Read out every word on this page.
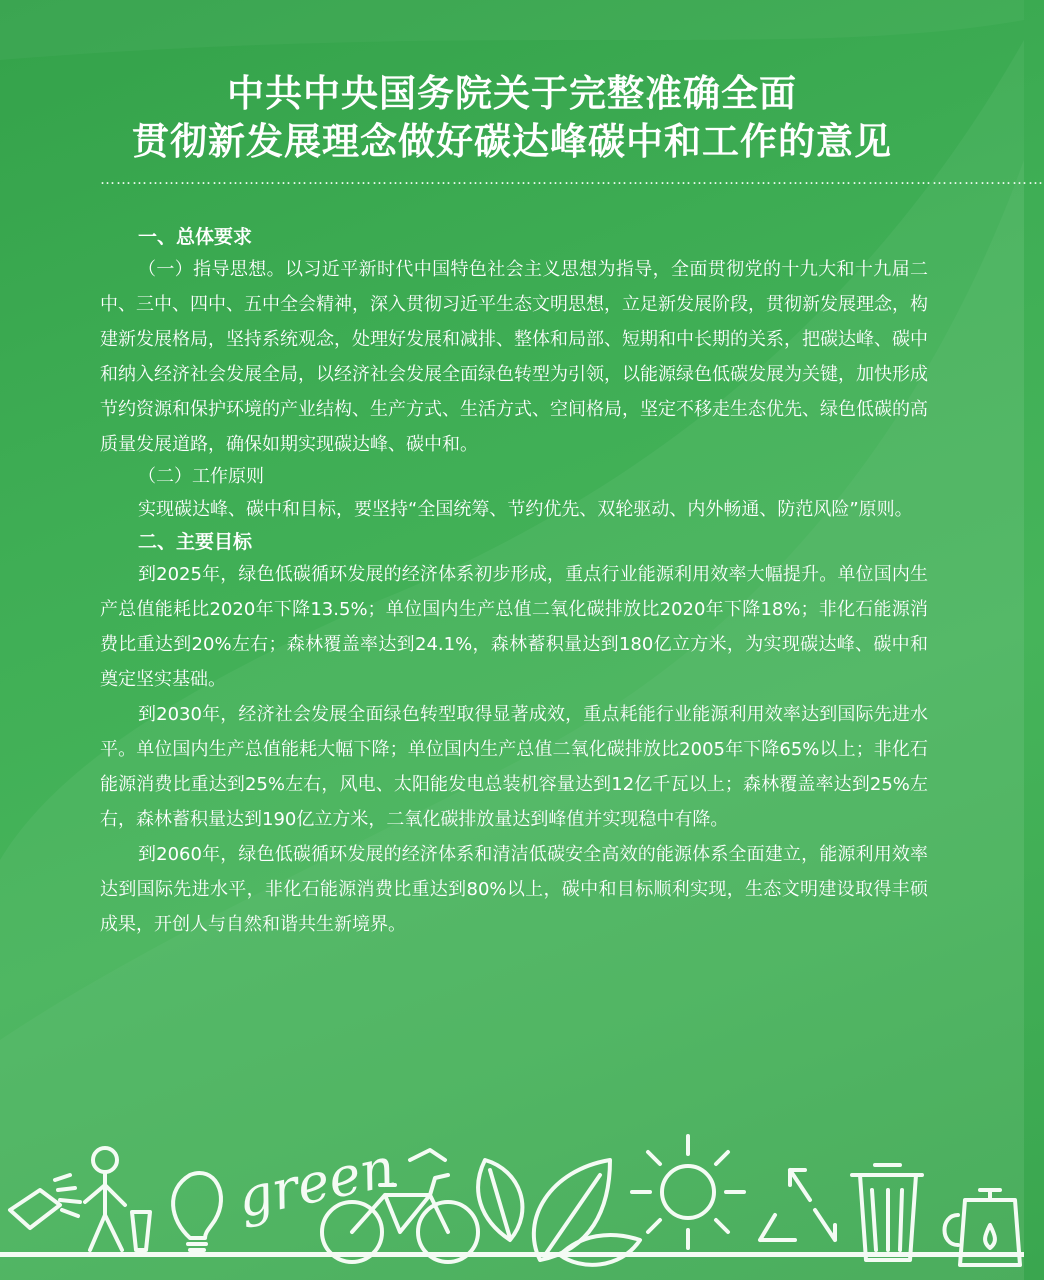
中共中央国务院关于完整准确全面
贯彻新发展理念做好碳达峰碳中和工作的意见
……………………………………………………………………………………………………………………………………………………………
一、总体要求

（一）指导思想。以习近平新时代中国特色社会主义思想为指导，全面贯彻党的十九大和十九届二中、三中、四中、五中全会精神，深入贯彻习近平生态文明思想，立足新发展阶段，贯彻新发展理念，构建新发展格局，坚持系统观念，处理好发展和减排、整体和局部、短期和中长期的关系，把碳达峰、碳中和纳入经济社会发展全局，以经济社会发展全面绿色转型为引领，以能源绿色低碳发展为关键，加快形成节约资源和保护环境的产业结构、生产方式、生活方式、空间格局，坚定不移走生态优先、绿色低碳的高质量发展道路，确保如期实现碳达峰、碳中和。

（二）工作原则

实现碳达峰、碳中和目标，要坚持“全国统筹、节约优先、双轮驱动、内外畅通、防范风险”原则。

二、主要目标

到2025年，绿色低碳循环发展的经济体系初步形成，重点行业能源利用效率大幅提升。单位国内生产总值能耗比2020年下降13.5%；单位国内生产总值二氧化碳排放比2020年下降18%；非化石能源消费比重达到20%左右；森林覆盖率达到24.1%，森林蓄积量达到180亿立方米，为实现碳达峰、碳中和奠定坚实基础。

到2030年，经济社会发展全面绿色转型取得显著成效，重点耗能行业能源利用效率达到国际先进水平。单位国内生产总值能耗大幅下降；单位国内生产总值二氧化碳排放比2005年下降65%以上；非化石能源消费比重达到25%左右，风电、太阳能发电总装机容量达到12亿千瓦以上；森林覆盖率达到25%左右，森林蓄积量达到190亿立方米，二氧化碳排放量达到峰值并实现稳中有降。

到2060年，绿色低碳循环发展的经济体系和清洁低碳安全高效的能源体系全面建立，能源利用效率达到国际先进水平，非化石能源消费比重达到80%以上，碳中和目标顺利实现，生态文明建设取得丰硕成果，开创人与自然和谐共生新境界。

green
